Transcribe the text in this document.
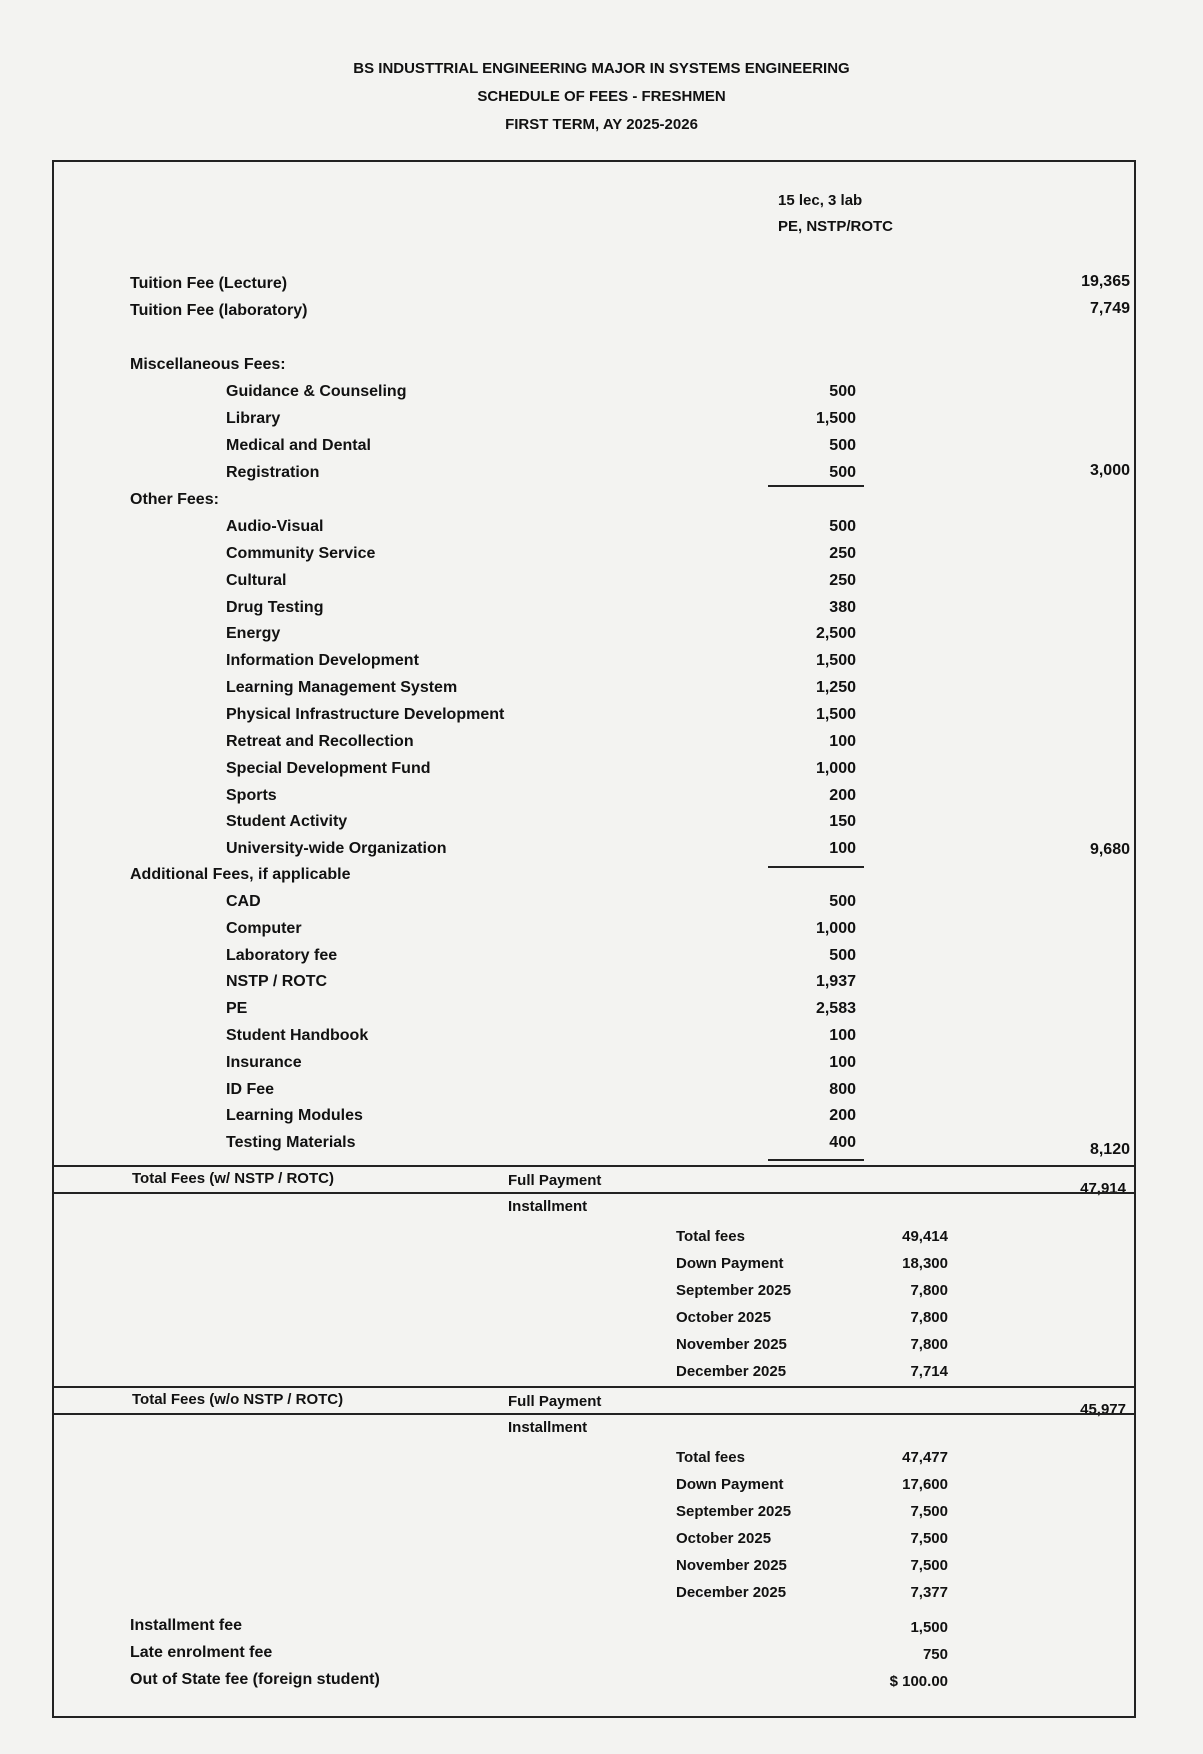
BS INDUSTTRIAL ENGINEERING MAJOR IN SYSTEMS ENGINEERING
SCHEDULE OF FEES - FRESHMEN
FIRST TERM, AY 2025-2026
15 lec, 3 lab
PE, NSTP/ROTC
Tuition Fee (Lecture)	19,365
Tuition Fee (laboratory)	7,749
Miscellaneous Fees:
Guidance & Counseling	500
Library	1,500
Medical and Dental	500
Registration	500	3,000
Other Fees:
Audio-Visual	500
Community Service	250
Cultural	250
Drug Testing	380
Energy	2,500
Information Development	1,500
Learning Management System	1,250
Physical Infrastructure Development	1,500
Retreat and Recollection	100
Special Development Fund	1,000
Sports	200
Student Activity	150
University-wide Organization	100	9,680
Additional Fees, if applicable
CAD	500
Computer	1,000
Laboratory fee	500
NSTP / ROTC	1,937
PE	2,583
Student Handbook	100
Insurance	100
ID Fee	800
Learning Modules	200
Testing Materials	400	8,120
Total Fees (w/ NSTP / ROTC)	Full Payment	47,914
Installment
Total fees	49,414
Down Payment	18,300
September 2025	7,800
October 2025	7,800
November 2025	7,800
December 2025	7,714
Total Fees (w/o NSTP / ROTC)	Full Payment	45,977
Installment
Total fees	47,477
Down Payment	17,600
September 2025	7,500
October 2025	7,500
November 2025	7,500
December 2025	7,377
Installment fee	1,500
Late enrolment fee	750
Out of State fee (foreign student)	$ 100.00
